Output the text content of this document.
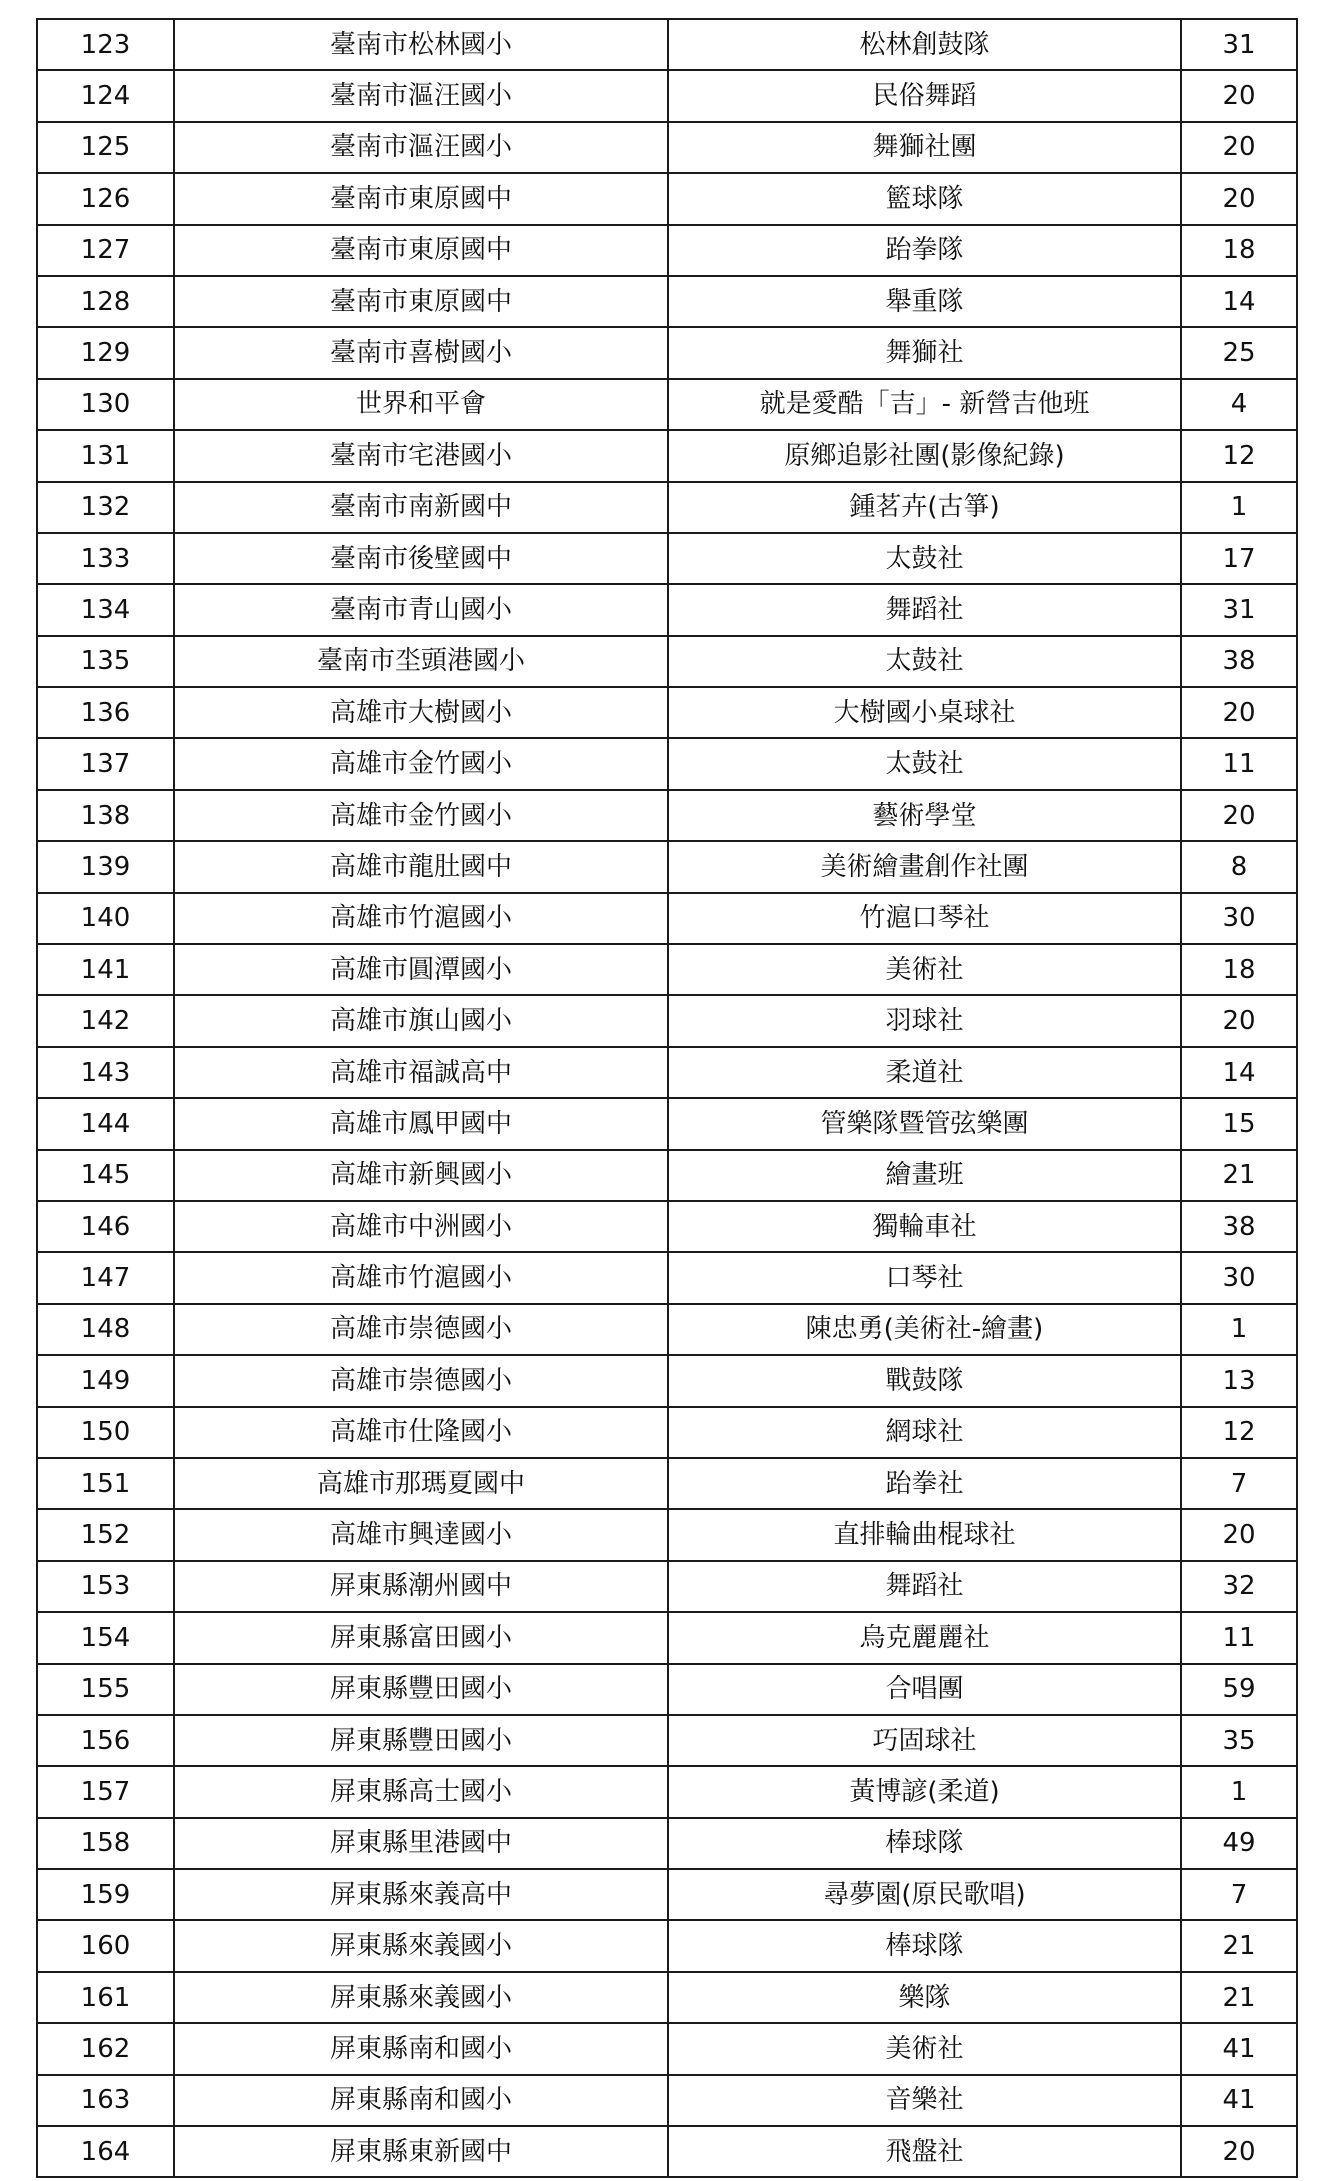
123	臺南市松林國小	松林創鼓隊	31
124	臺南市漚汪國小	民俗舞蹈	20
125	臺南市漚汪國小	舞獅社團	20
126	臺南市東原國中	籃球隊	20
127	臺南市東原國中	跆拳隊	18
128	臺南市東原國中	舉重隊	14
129	臺南市喜樹國小	舞獅社	25
130	世界和平會	就是愛酷「吉」- 新營吉他班	4
131	臺南市宅港國小	原鄉追影社團(影像紀錄)	12
132	臺南市南新國中	鍾茗卉(古箏)	1
133	臺南市後壁國中	太鼓社	17
134	臺南市青山國小	舞蹈社	31
135	臺南市坔頭港國小	太鼓社	38
136	高雄市大樹國小	大樹國小桌球社	20
137	高雄市金竹國小	太鼓社	11
138	高雄市金竹國小	藝術學堂	20
139	高雄市龍肚國中	美術繪畫創作社團	8
140	高雄市竹滬國小	竹滬口琴社	30
141	高雄市圓潭國小	美術社	18
142	高雄市旗山國小	羽球社	20
143	高雄市福誠高中	柔道社	14
144	高雄市鳳甲國中	管樂隊暨管弦樂團	15
145	高雄市新興國小	繪畫班	21
146	高雄市中洲國小	獨輪車社	38
147	高雄市竹滬國小	口琴社	30
148	高雄市崇德國小	陳忠勇(美術社-繪畫)	1
149	高雄市崇德國小	戰鼓隊	13
150	高雄市仕隆國小	網球社	12
151	高雄市那瑪夏國中	跆拳社	7
152	高雄市興達國小	直排輪曲棍球社	20
153	屏東縣潮州國中	舞蹈社	32
154	屏東縣富田國小	烏克麗麗社	11
155	屏東縣豐田國小	合唱團	59
156	屏東縣豐田國小	巧固球社	35
157	屏東縣高士國小	黃博諺(柔道)	1
158	屏東縣里港國中	棒球隊	49
159	屏東縣來義高中	尋夢園(原民歌唱)	7
160	屏東縣來義國小	棒球隊	21
161	屏東縣來義國小	樂隊	21
162	屏東縣南和國小	美術社	41
163	屏東縣南和國小	音樂社	41
164	屏東縣東新國中	飛盤社	20
